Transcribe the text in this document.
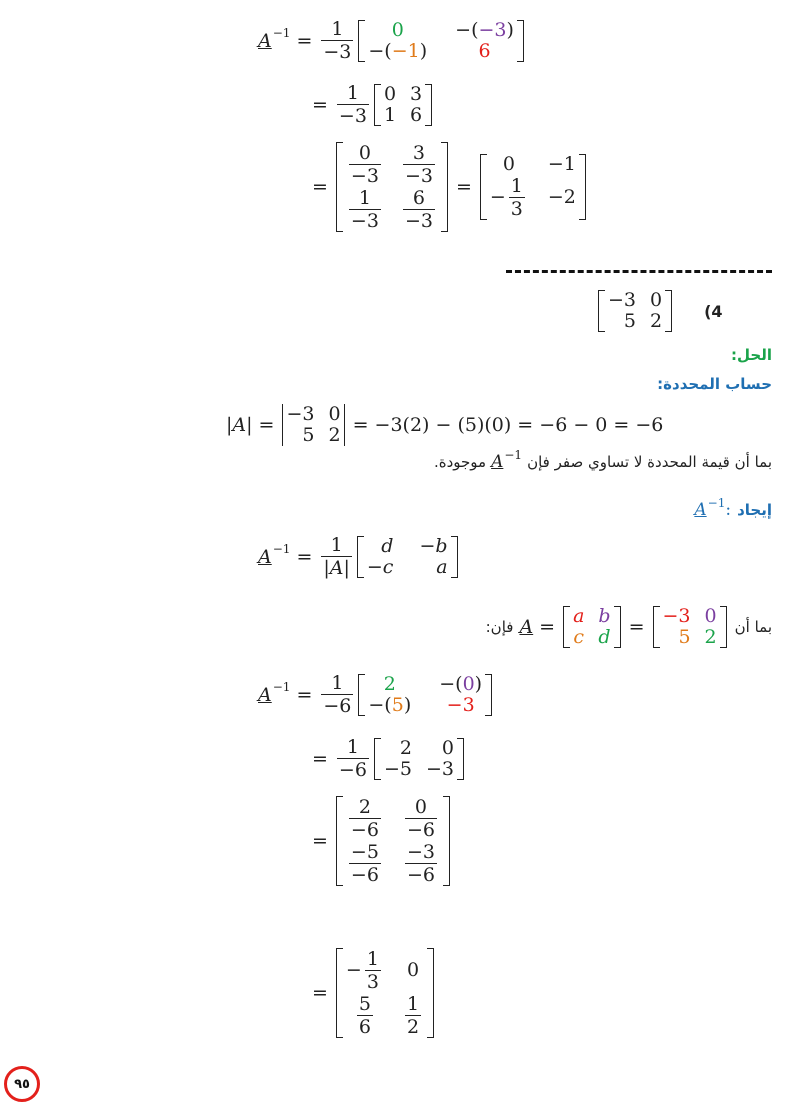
$A -1 = \frac{1}{-3} 0$	−(−3)
−(−1)	6
= $\frac{1}{-3} 0$ 3
1 6
= $\frac{0}{-3} \frac{3}{-3}$
$\frac{1}{-3} \frac{6}{-3}$ =
0 −1
− $\frac{1}{3} -2$
−3 0
5 2	(4
الحل:
حساب المحددة:
|A| = −3 0
5 2 = −3(2) − (5)(0) = −6 − 0 = −6
بما أن قيمة المحددة لا تساوي صفر فإن
$A^{-1}$
موجودة.
إيجاد
$A^{-1}$:
$A -1 = \frac{1}{|A|}$ d −b
−c a
بما أن
A = a b
c d = −3 0
5 2
فإن:
$A -1 = \frac{1}{-6} 2 -(0)$
−(5) −3
= $\frac{1}{-6} 2$ 0
−5 −3
= $\frac{2}{-6} \frac{0}{-6}$
$\frac{-5}{-6} \frac{-3}{-6}$
=
− $\frac{1}{3} 0$
$\frac{5}{6} \frac{1}{2}$
٩٥
